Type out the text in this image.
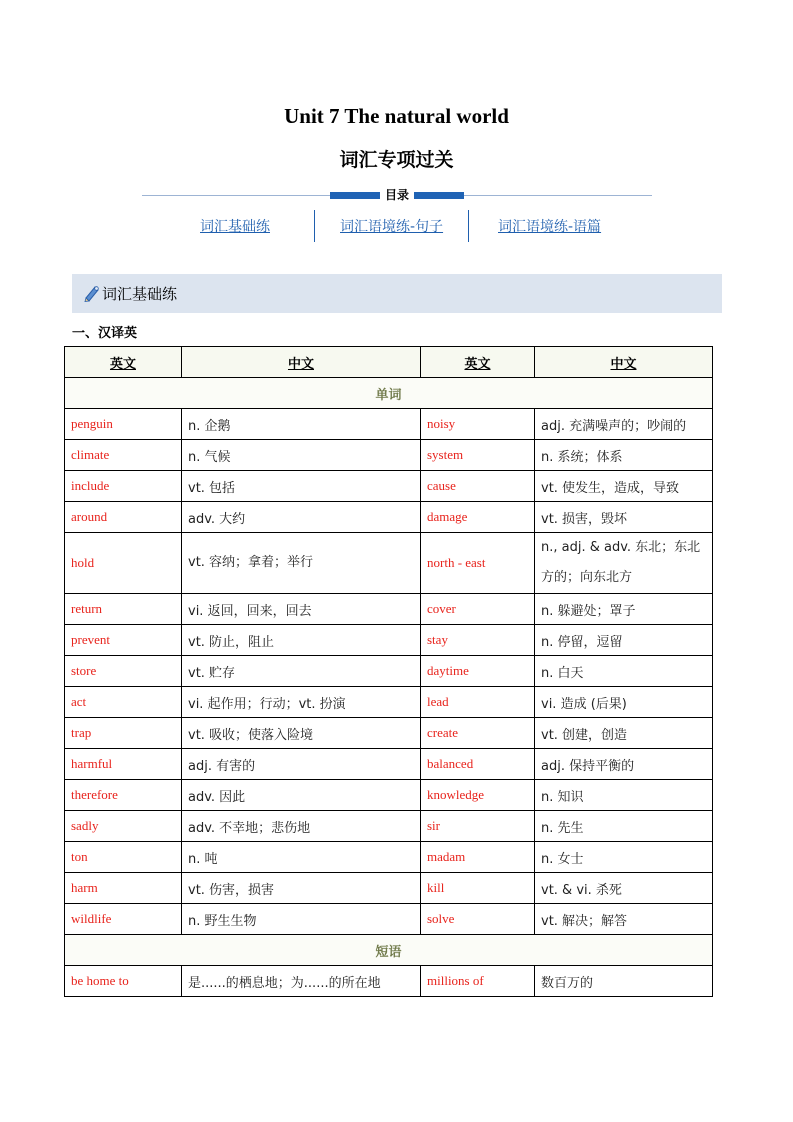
Unit 7 The natural world
词汇专项过关
目录
词汇基础练	词汇语境练-句子	词汇语境练-语篇
词汇基础练
一、汉译英
英文	中文	英文	中文
单词			
penguin	n. 企鹅	noisy	adj. 充满噪声的；吵闹的
climate	n. 气候	system	n. 系统；体系
include	vt. 包括	cause	vt. 使发生，造成，导致
around	adv. 大约	damage	vt. 损害，毁坏
hold	vt. 容纳；拿着；举行	north - east	n., adj. & adv. 东北；东北方的；向东北方
return	vi. 返回，回来，回去	cover	n. 躲避处；罩子
prevent	vt. 防止，阻止	stay	n. 停留，逗留
store	vt. 贮存	daytime	n. 白天
act	vi. 起作用；行动；vt. 扮演	lead	vi. 造成 (后果)
trap	vt. 吸收；使落入险境	create	vt. 创建，创造
harmful	adj. 有害的	balanced	adj. 保持平衡的
therefore	adv. 因此	knowledge	n. 知识
sadly	adv. 不幸地；悲伤地	sir	n. 先生
ton	n. 吨	madam	n. 女士
harm	vt. 伤害，损害	kill	vt. & vi. 杀死
wildlife	n. 野生生物	solve	vt. 解决；解答
短语			
be home to	是......的栖息地；为......的所在地	millions of	数百万的
